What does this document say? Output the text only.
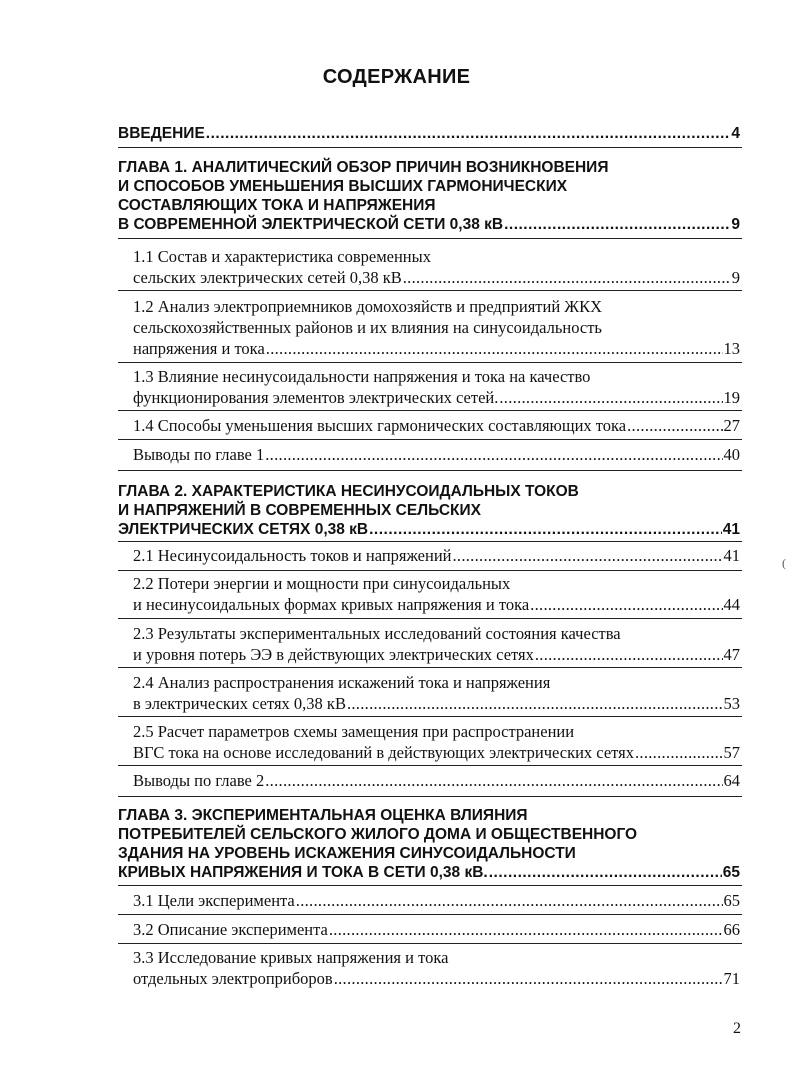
СОДЕРЖАНИЕ
ВВЕДЕНИЕ .....	4
ГЛАВА 1. АНАЛИТИЧЕСКИЙ ОБЗОР ПРИЧИН ВОЗНИКНОВЕНИЯ
И СПОСОБОВ УМЕНЬШЕНИЯ ВЫСШИХ ГАРМОНИЧЕСКИХ
СОСТАВЛЯЮЩИХ ТОКА И НАПРЯЖЕНИЯ
В СОВРЕМЕННОЙ ЭЛЕКТРИЧЕСКОЙ СЕТИ 0,38 кВ .....	9
1.1 Состав и характеристика современных
сельских электрических сетей 0,38 кВ .....	9
1.2 Анализ электроприемников домохозяйств и предприятий ЖКХ
сельскохозяйственных районов и их влияния на синусоидальность
напряжения и тока .....	13
1.3 Влияние несинусоидальности напряжения и тока на качество
функционирования элементов электрических сетей. .....	19
1.4 Способы уменьшения высших гармонических составляющих тока .....	27
Выводы по главе 1 .....	40
ГЛАВА 2. ХАРАКТЕРИСТИКА НЕСИНУСОИДАЛЬНЫХ ТОКОВ
И НАПРЯЖЕНИЙ В СОВРЕМЕННЫХ СЕЛЬСКИХ
ЭЛЕКТРИЧЕСКИХ СЕТЯХ 0,38 кВ .....	41
2.1 Несинусоидальность токов и напряжений .....	41
2.2 Потери энергии и мощности при синусоидальных
и несинусоидальных формах кривых напряжения и тока .....	44
2.3 Результаты экспериментальных исследований состояния качества
и уровня потерь ЭЭ в действующих электрических сетях .....	47
2.4 Анализ распространения искажений тока и напряжения
в электрических сетях 0,38 кВ .....	53
2.5 Расчет параметров схемы замещения при распространении
ВГС тока на основе исследований в действующих электрических сетях .....	57
Выводы по главе 2 .....	64
ГЛАВА 3. ЭКСПЕРИМЕНТАЛЬНАЯ ОЦЕНКА ВЛИЯНИЯ
ПОТРЕБИТЕЛЕЙ СЕЛЬСКОГО ЖИЛОГО ДОМА И ОБЩЕСТВЕННОГО
ЗДАНИЯ НА УРОВЕНЬ ИСКАЖЕНИЯ СИНУСОИДАЛЬНОСТИ
КРИВЫХ НАПРЯЖЕНИЯ И ТОКА В СЕТИ 0,38 кВ. .....	65
3.1 Цели эксперимента .....	65
3.2 Описание эксперимента .....	66
3.3 Исследование кривых напряжения и тока
отдельных электроприборов .....	71
(
2
